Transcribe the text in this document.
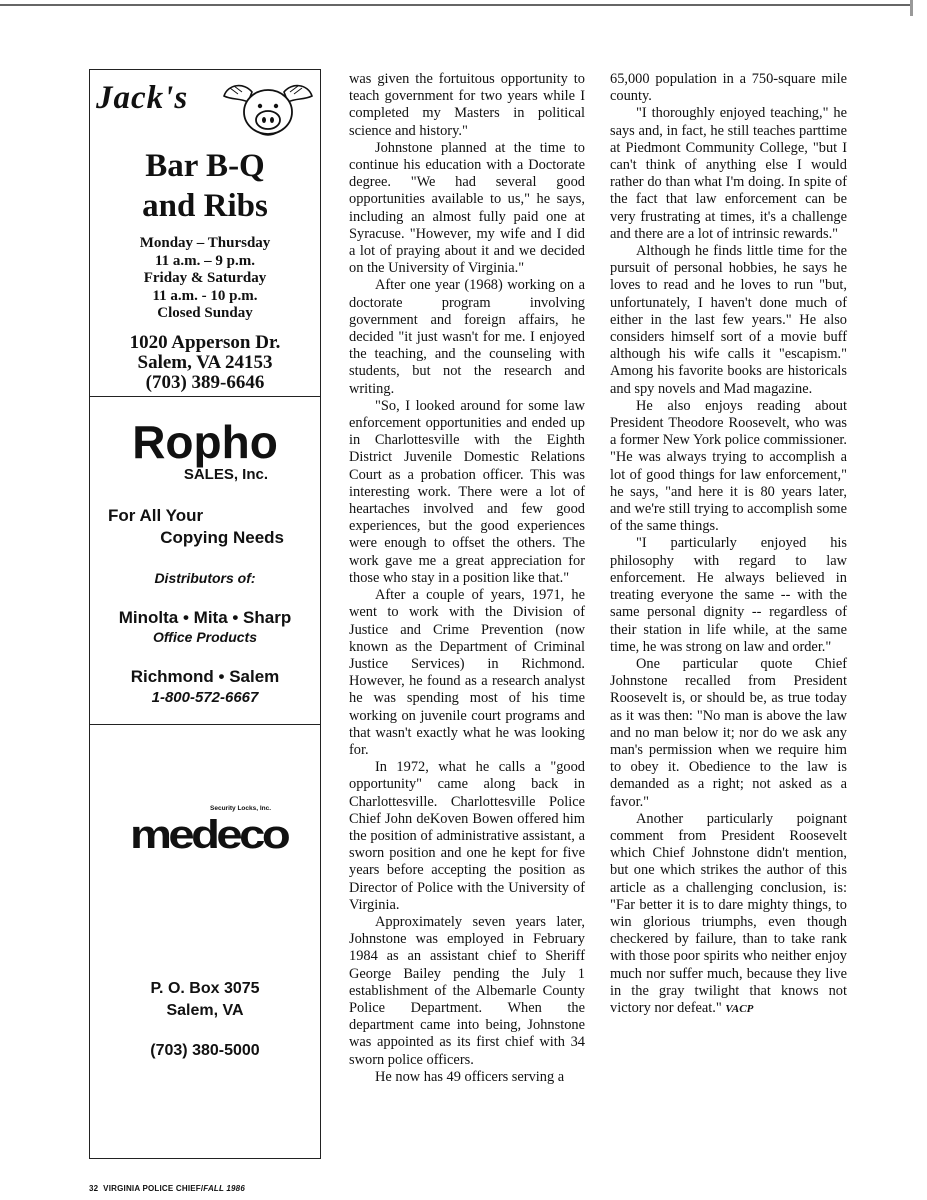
Jack's
Bar B-Q
and Ribs
Monday – Thursday
11 a.m. – 9 p.m.
Friday & Saturday
11 a.m. - 10 p.m.
Closed Sunday
1020 Apperson Dr.
Salem, VA 24153
(703) 389-6646
Ropho
SALES, Inc.
For All Your
Copying Needs
Distributors of:
Minolta • Mita • Sharp
Office Products
Richmond • Salem
1-800-572-6667
Security Locks, Inc.
medeco
P. O. Box 3075
Salem, VA
(703) 380-5000

was given the fortuitous opportunity to teach government for two years while I completed my Masters in political science and history."

Johnstone planned at the time to continue his education with a Doctorate degree. "We had several good opportunities available to us," he says, including an almost fully paid one at Syracuse. "However, my wife and I did a lot of praying about it and we decided on the University of Virginia."

After one year (1968) working on a doctorate program involving government and foreign affairs, he decided "it just wasn't for me. I enjoyed the teaching, and the counseling with students, but not the research and writing.

"So, I looked around for some law enforcement opportunities and ended up in Charlottesville with the Eighth District Juvenile Domestic Relations Court as a probation officer. This was interesting work. There were a lot of heartaches involved and few good experiences, but the good experiences were enough to offset the others. The work gave me a great appreciation for those who stay in a position like that."

After a couple of years, 1971, he went to work with the Division of Justice and Crime Prevention (now known as the Department of Criminal Justice Services) in Richmond. However, he found as a research analyst he was spending most of his time working on juvenile court programs and that wasn't exactly what he was looking for.

In 1972, what he calls a "good opportunity" came along back in Charlottesville. Charlottesville Police Chief John deKoven Bowen offered him the position of administrative assistant, a sworn position and one he kept for five years before accepting the position as Director of Police with the University of Virginia.

Approximately seven years later, Johnstone was employed in February 1984 as an assistant chief to Sheriff George Bailey pending the July 1 establishment of the Albemarle County Police Department. When the department came into being, Johnstone was appointed as its first chief with 34 sworn police officers.

He now has 49 officers serving a

65,000 population in a 750-square mile county.

"I thoroughly enjoyed teaching," he says and, in fact, he still teaches parttime at Piedmont Community College, "but I can't think of anything else I would rather do than what I'm doing. In spite of the fact that law enforcement can be very frustrating at times, it's a challenge and there are a lot of intrinsic rewards."

Although he finds little time for the pursuit of personal hobbies, he says he loves to read and he loves to run "but, unfortunately, I haven't done much of either in the last few years." He also considers himself sort of a movie buff although his wife calls it "escapism." Among his favorite books are historicals and spy novels and Mad magazine.

He also enjoys reading about President Theodore Roosevelt, who was a former New York police commissioner. "He was always trying to accomplish a lot of good things for law enforcement," he says, "and here it is 80 years later, and we're still trying to accomplish some of the same things.

"I particularly enjoyed his philosophy with regard to law enforcement. He always believed in treating everyone the same -- with the same personal dignity -- regardless of their station in life while, at the same time, he was strong on law and order."

One particular quote Chief Johnstone recalled from President Roosevelt is, or should be, as true today as it was then: "No man is above the law and no man below it; nor do we ask any man's permission when we require him to obey it. Obedience to the law is demanded as a right; not asked as a favor."

Another particularly poignant comment from President Roosevelt which Chief Johnstone didn't mention, but one which strikes the author of this article as a challenging conclusion, is: "Far better it is to dare mighty things, to win glorious triumphs, even though checkered by failure, than to take rank with those poor spirits who neither enjoy much nor suffer much, because they live in the gray twilight that knows not victory nor defeat." VACP

32 VIRGINIA POLICE CHIEF/FALL 1986
